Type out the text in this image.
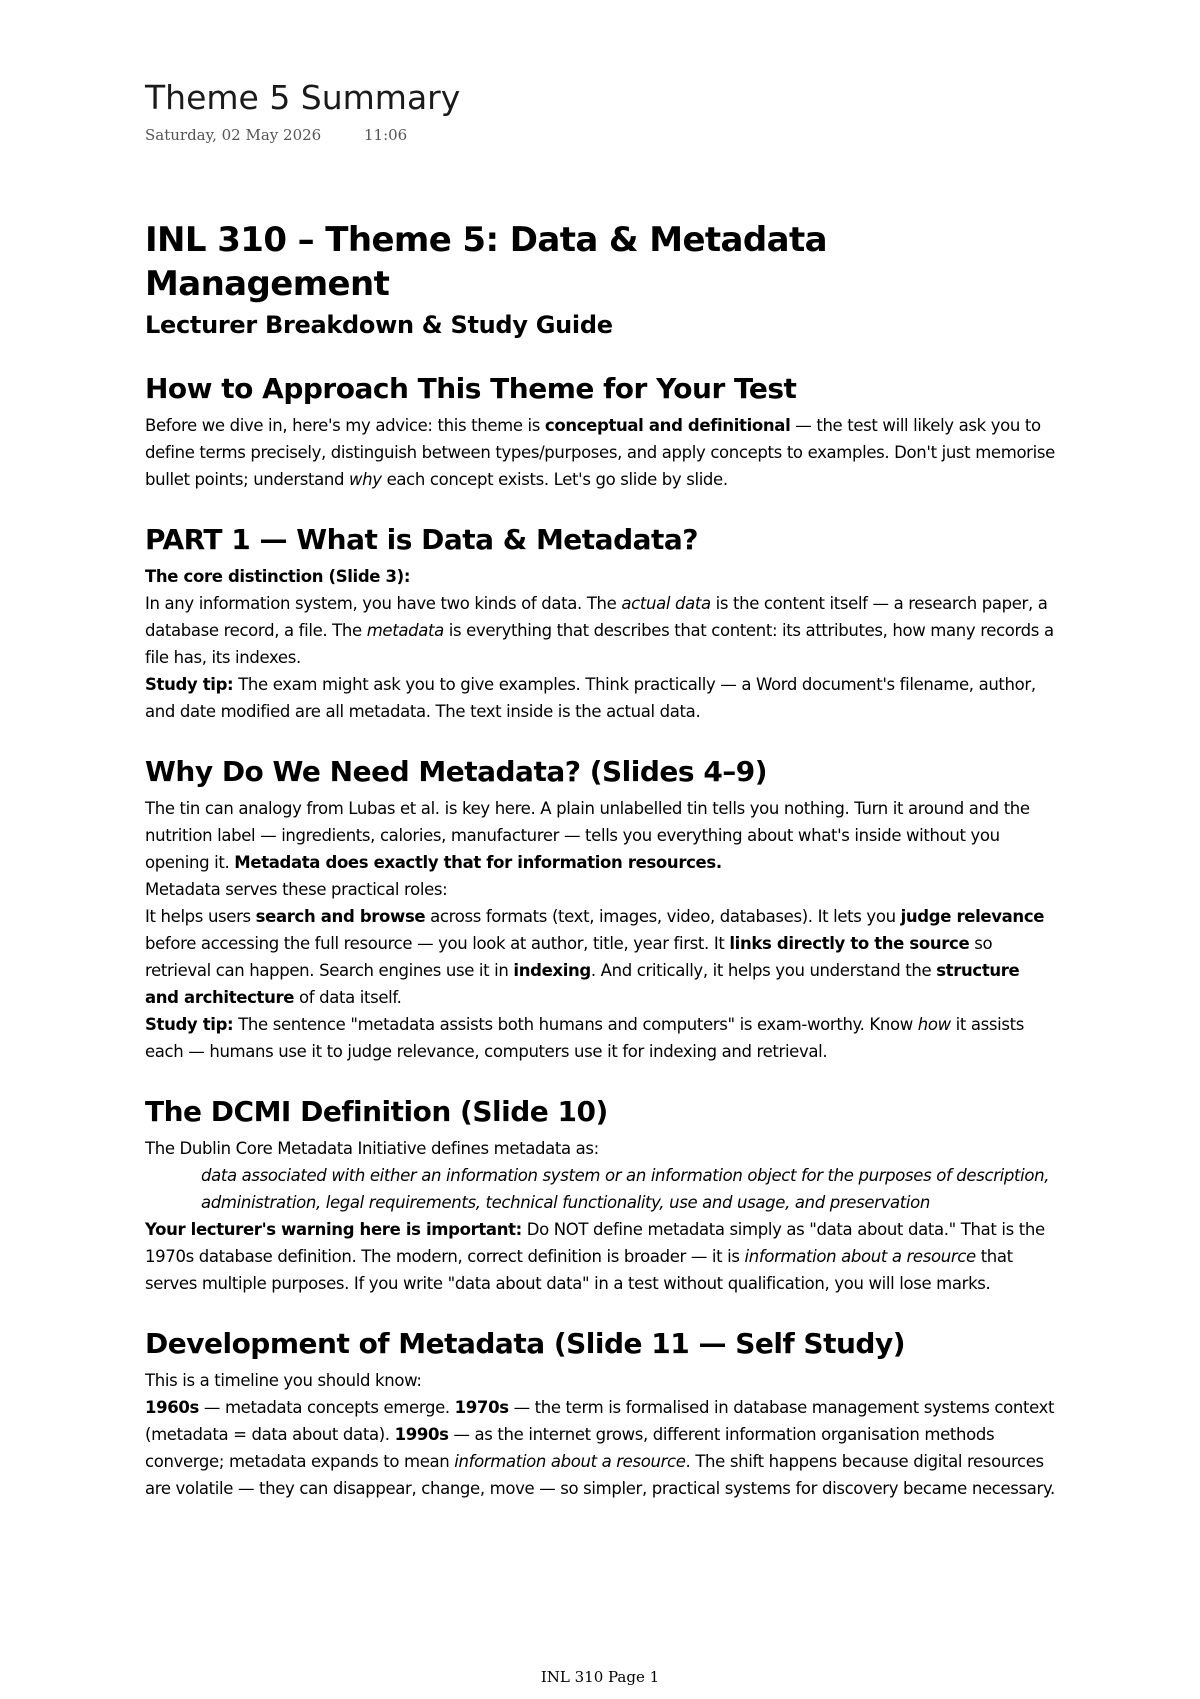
Theme 5 Summary
Saturday, 02 May 2026	11:06
INL 310 – Theme 5: Data & Metadata Management
Lecturer Breakdown & Study Guide
How to Approach This Theme for Your Test

Before we dive in, here's my advice: this theme is conceptual and definitional — the test will likely ask you to define terms precisely, distinguish between types/purposes, and apply concepts to examples. Don't just memorise bullet points; understand why each concept exists. Let's go slide by slide.

PART 1 — What is Data & Metadata?

The core distinction (Slide 3):

In any information system, you have two kinds of data. The actual data is the content itself — a research paper, a database record, a file. The metadata is everything that describes that content: its attributes, how many records a file has, its indexes.

Study tip: The exam might ask you to give examples. Think practically — a Word document's filename, author, and date modified are all metadata. The text inside is the actual data.

Why Do We Need Metadata? (Slides 4–9)

The tin can analogy from Lubas et al. is key here. A plain unlabelled tin tells you nothing. Turn it around and the nutrition label — ingredients, calories, manufacturer — tells you everything about what's inside without you opening it. Metadata does exactly that for information resources.

Metadata serves these practical roles:

It helps users search and browse across formats (text, images, video, databases). It lets you judge relevance before accessing the full resource — you look at author, title, year first. It links directly to the source so retrieval can happen. Search engines use it in indexing. And critically, it helps you understand the structure and architecture of data itself.

Study tip: The sentence "metadata assists both humans and computers" is exam-worthy. Know how it assists each — humans use it to judge relevance, computers use it for indexing and retrieval.

The DCMI Definition (Slide 10)

The Dublin Core Metadata Initiative defines metadata as:

data associated with either an information system or an information object for the purposes of description, administration, legal requirements, technical functionality, use and usage, and preservation

Your lecturer's warning here is important: Do NOT define metadata simply as "data about data." That is the 1970s database definition. The modern, correct definition is broader — it is information about a resource that serves multiple purposes. If you write "data about data" in a test without qualification, you will lose marks.

Development of Metadata (Slide 11 — Self Study)

This is a timeline you should know:

1960s — metadata concepts emerge. 1970s — the term is formalised in database management systems context (metadata = data about data). 1990s — as the internet grows, different information organisation methods converge; metadata expands to mean information about a resource. The shift happens because digital resources are volatile — they can disappear, change, move — so simpler, practical systems for discovery became necessary.

INL 310 Page 1
